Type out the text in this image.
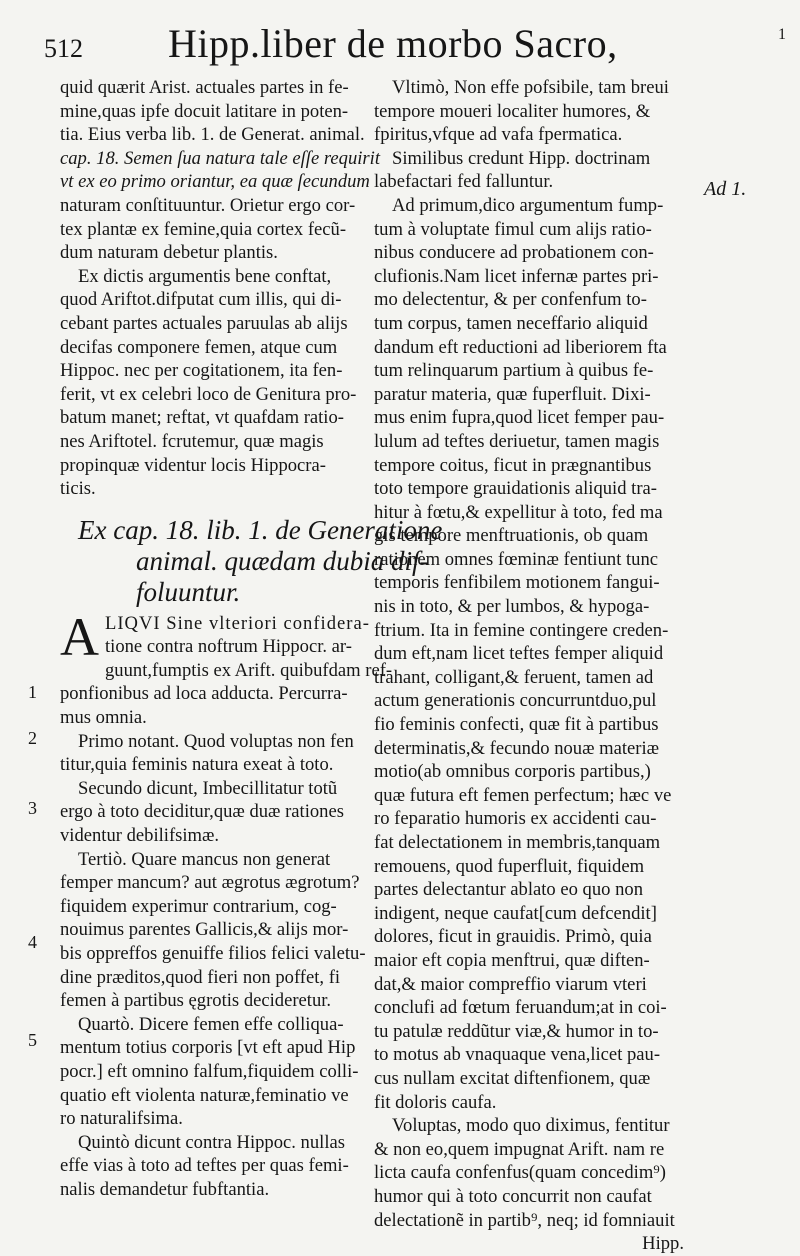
512 Hipp.liber de morbo Sacro,	1
quid quærit Arist. actuales partes in fe-
mine,quas ipfe docuit latitare in poten-
tia. Eius verba lib. 1. de Generat. animal.
cap. 18. Semen ſua natura tale eſſe requirit
vt ex eo primo oriantur, ea quæ ſecundum
naturam conſtituuntur. Orietur ergo cor-
tex plantæ ex femine,quia cortex fecũ-
dum naturam debetur plantis.
Ex dictis argumentis bene conftat,
quod Ariftot.difputat cum illis, qui di-
cebant partes actuales paruulas ab alijs
decifas componere femen, atque cum
Hippoc. nec per cogitationem, ita fen-
ferit, vt ex celebri loco de Genitura pro-
batum manet; reftat, vt quafdam ratio-
nes Ariftotel. fcrutemur, quæ magis
propinquæ videntur locis Hippocra-
ticis.
Ex cap. 18. lib. 1. de Generatione
animal. quædam dubia dif-
foluuntur.
A LIQVI Sine vlteriori confidera-
tione contra noftrum Hippocr. ar-
guunt,fumptis ex Arift. quibufdam ref-
ponfionibus ad loca adducta. Percurra-
mus omnia.
Primo notant. Quod voluptas non fen
titur,quia feminis natura exeat à toto.
Secundo dicunt, Imbecillitatur totũ
ergo à toto deciditur,quæ duæ rationes
videntur debilifsimæ.
Tertiò. Quare mancus non generat
femper mancum? aut ægrotus ægrotum?
fiquidem experimur contrarium, cog-
nouimus parentes Gallicis,& alijs mor-
bis oppreffos genuiffe filios felici valetu-
dine præditos,quod fieri non poffet, fi
femen à partibus ęgrotis decideretur.
Quartò. Dicere femen effe colliqua-
mentum totius corporis [vt eft apud Hip
pocr.] eft omnino falfum,fiquidem colli-
quatio eft violenta naturæ,feminatio ve
ro naturalifsima.
Quintò dicunt contra Hippoc. nullas
effe vias à toto ad teftes per quas femi-
nalis demandetur fubftantia.
1
2
3
4
5
Vltimò, Non effe pofsibile, tam breui
tempore moueri localiter humores, &
fpiritus,vfque ad vafa fpermatica.
Similibus credunt Hipp. doctrinam
labefactari fed falluntur.
Ad primum,dico argumentum fump-
tum à voluptate fimul cum alijs ratio-
nibus conducere ad probationem con-
clufionis.Nam licet infernæ partes pri-
mo delectentur, & per confenfum to-
tum corpus, tamen neceffario aliquid
dandum eft reductioni ad liberiorem fta
tum relinquarum partium à quibus fe-
paratur materia, quæ fuperfluit. Dixi-
mus enim fupra,quod licet femper pau-
lulum ad teftes deriuetur, tamen magis
tempore coitus, ficut in prægnantibus
toto tempore grauidationis aliquid tra-
hitur à fœtu,& expellitur à toto, fed ma
gis tempore menftruationis, ob quam
rationem omnes fœminæ fentiunt tunc
temporis fenfibilem motionem fangui-
nis in toto, & per lumbos, & hypoga-
ftrium. Ita in femine contingere creden-
dum eft,nam licet teftes femper aliquid
trahant, colligant,& feruent, tamen ad
actum generationis concurruntduo,pul
fio feminis confecti, quæ fit à partibus
determinatis,& fecundo nouæ materiæ
motio(ab omnibus corporis partibus,)
quæ futura eft femen perfectum; hæc ve
ro feparatio humoris ex accidenti cau-
fat delectationem in membris,tanquam
remouens, quod fuperfluit, fiquidem
partes delectantur ablato eo quo non
indigent, neque caufat[cum defcendit]
dolores, ficut in grauidis. Primò, quia
maior eft copia menftrui, quæ diften-
dat,& maior compreffio viarum vteri
conclufi ad fœtum feruandum;at in coi-
tu patulæ reddũtur viæ,& humor in to-
to motus ab vnaquaque vena,licet pau-
cus nullam excitat diftenfionem, quæ
fit doloris caufa.
Voluptas, modo quo diximus, fentitur
& non eo,quem impugnat Arift. nam re
licta caufa confenfus(quam concedim⁹)
humor qui à toto concurrit non caufat
delectationẽ in partib⁹, neq; id fomniauit
Hipp.
Ad 1.
